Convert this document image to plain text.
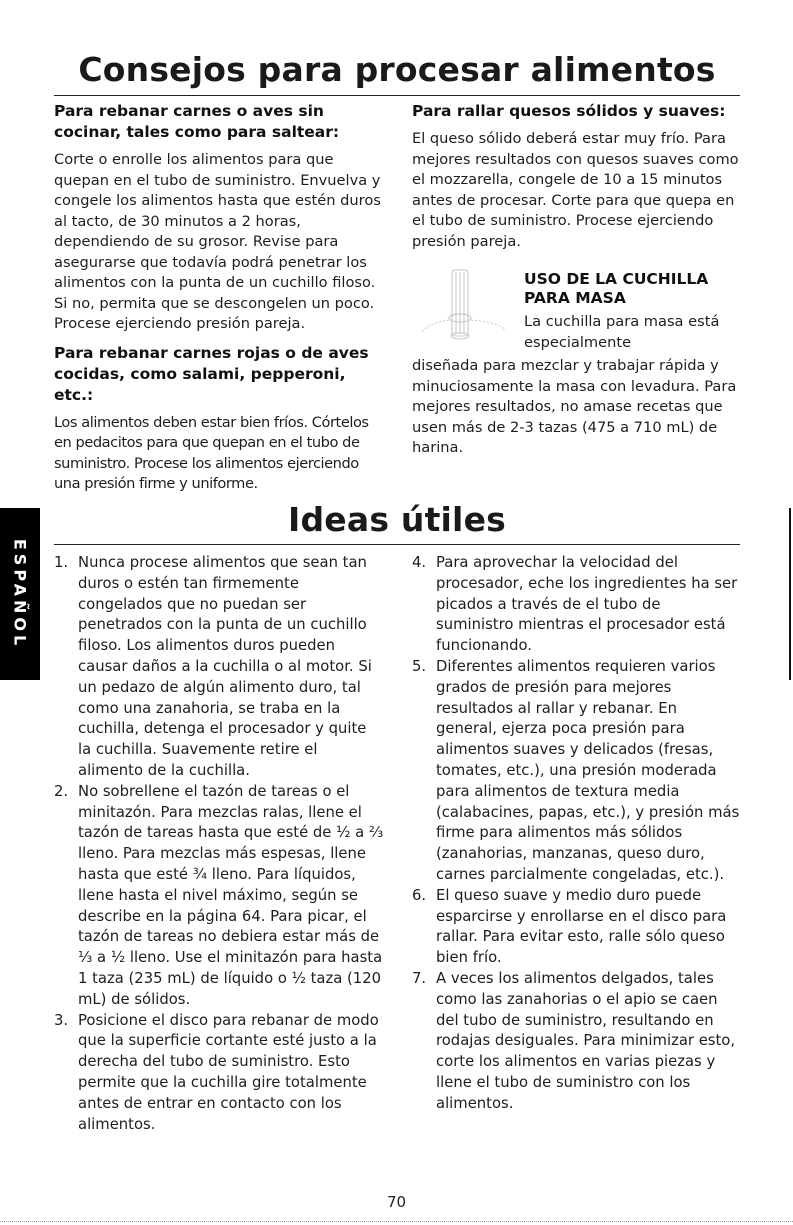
Consejos para procesar alimentos

Para rebanar carnes o aves sin cocinar, tales como para saltear:

Corte o enrolle los alimentos para que quepan en el tubo de suministro. Envuelva y congele los alimentos hasta que estén duros al tacto, de 30 minutos a 2 horas, dependiendo de su grosor. Revise para asegurarse que todavía podrá penetrar los alimentos con la punta de un cuchillo filoso. Si no, permita que se descongelen un poco. Procese ejerciendo presión pareja.

Para rebanar carnes rojas o de aves cocidas, como salami, pepperoni, etc.:

Los alimentos deben estar bien fríos. Córtelos en pedacitos para que quepan en el tubo de suministro. Procese los alimentos ejerciendo una presión firme y uniforme.

Para rallar quesos sólidos y suaves:

El queso sólido deberá estar muy frío. Para mejores resultados con quesos suaves como el mozzarella, congele de 10 a 15 minutos antes de procesar. Corte para que quepa en el tubo de suministro. Procese ejerciendo presión pareja.

USO DE LA CUCHILLA PARA MASA
La cuchilla para masa está especialmente

diseñada para mezclar y trabajar rápida y minuciosamente la masa con levadura. Para mejores resultados, no amase recetas que usen más de 2-3 tazas (475 a 710 mL) de harina.

Ideas útiles
1. Nunca procese alimentos que sean tan duros o estén tan firmemente congelados que no puedan ser penetrados con la punta de un cuchillo filoso. Los alimentos duros pueden causar daños a la cuchilla o al motor. Si un pedazo de algún alimento duro, tal como una zanahoria, se traba en la cuchilla, detenga el procesador y quite la cuchilla. Suavemente retire el alimento de la cuchilla.
2. No sobrellene el tazón de tareas o el minitazón. Para mezclas ralas, llene el tazón de tareas hasta que esté de ½ a ⅔ lleno. Para mezclas más espesas, llene hasta que esté ¾ lleno. Para líquidos, llene hasta el nivel máximo, según se describe en la página 64. Para picar, el tazón de tareas no debiera estar más de ⅓ a ½ lleno. Use el minitazón para hasta 1 taza (235 mL) de líquido o ½ taza (120 mL) de sólidos.
3. Posicione el disco para rebanar de modo que la superficie cortante esté justo a la derecha del tubo de suministro. Esto permite que la cuchilla gire totalmente antes de entrar en contacto con los alimentos.
4. Para aprovechar la velocidad del procesador, eche los ingredientes ha ser picados a través de el tubo de suministro mientras el procesador está funcionando.
5. Diferentes alimentos requieren varios grados de presión para mejores resultados al rallar y rebanar. En general, ejerza poca presión para alimentos suaves y delicados (fresas, tomates, etc.), una presión moderada para alimentos de textura media (calabacines, papas, etc.), y presión más firme para alimentos más sólidos (zanahorias, manzanas, queso duro, carnes parcialmente congeladas, etc.).
6. El queso suave y medio duro puede esparcirse y enrollarse en el disco para rallar. Para evitar esto, ralle sólo queso bien frío.
7. A veces los alimentos delgados, tales como las zanahorias o el apio se caen del tubo de suministro, resultando en rodajas desiguales. Para minimizar esto, corte los alimentos en varias piezas y llene el tubo de suministro con los alimentos.
ESPAÑOL
70
